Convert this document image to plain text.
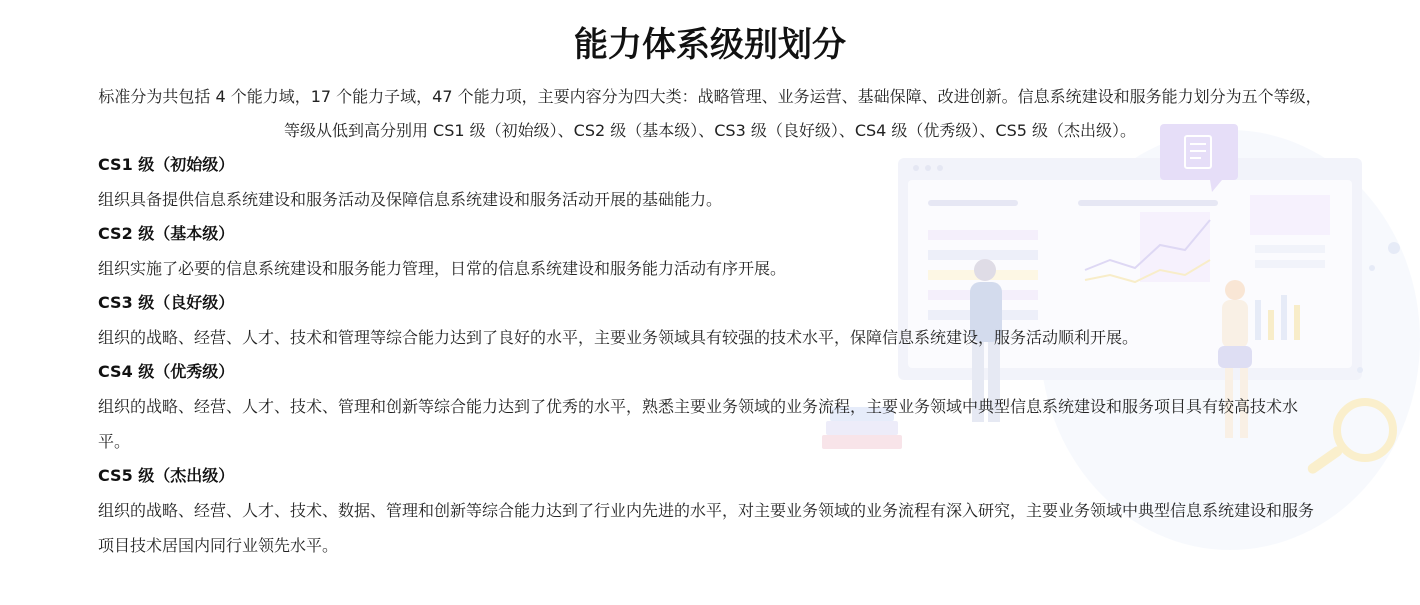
能力体系级别划分

标准分为共包括 4 个能力域，17 个能力子域，47 个能力项，主要内容分为四大类：战略管理、业务运营、基础保障、改进创新。信息系统建设和服务能力划分为五个等级，等级从低到高分别用 CS1 级（初始级）、CS2 级（基本级）、CS3 级（良好级）、CS4 级（优秀级）、CS5 级（杰出级）。

CS1 级（初始级）

组织具备提供信息系统建设和服务活动及保障信息系统建设和服务活动开展的基础能力。

CS2 级（基本级）

组织实施了必要的信息系统建设和服务能力管理，日常的信息系统建设和服务能力活动有序开展。

CS3 级（良好级）

组织的战略、经营、人才、技术和管理等综合能力达到了良好的水平，主要业务领域具有较强的技术水平，保障信息系统建设，服务活动顺利开展。

CS4 级（优秀级）

组织的战略、经营、人才、技术、管理和创新等综合能力达到了优秀的水平，熟悉主要业务领域的业务流程，主要业务领域中典型信息系统建设和服务项目具有较高技术水平。

CS5 级（杰出级）

组织的战略、经营、人才、技术、数据、管理和创新等综合能力达到了行业内先进的水平，对主要业务领域的业务流程有深入研究，主要业务领域中典型信息系统建设和服务项目技术居国内同行业领先水平。
